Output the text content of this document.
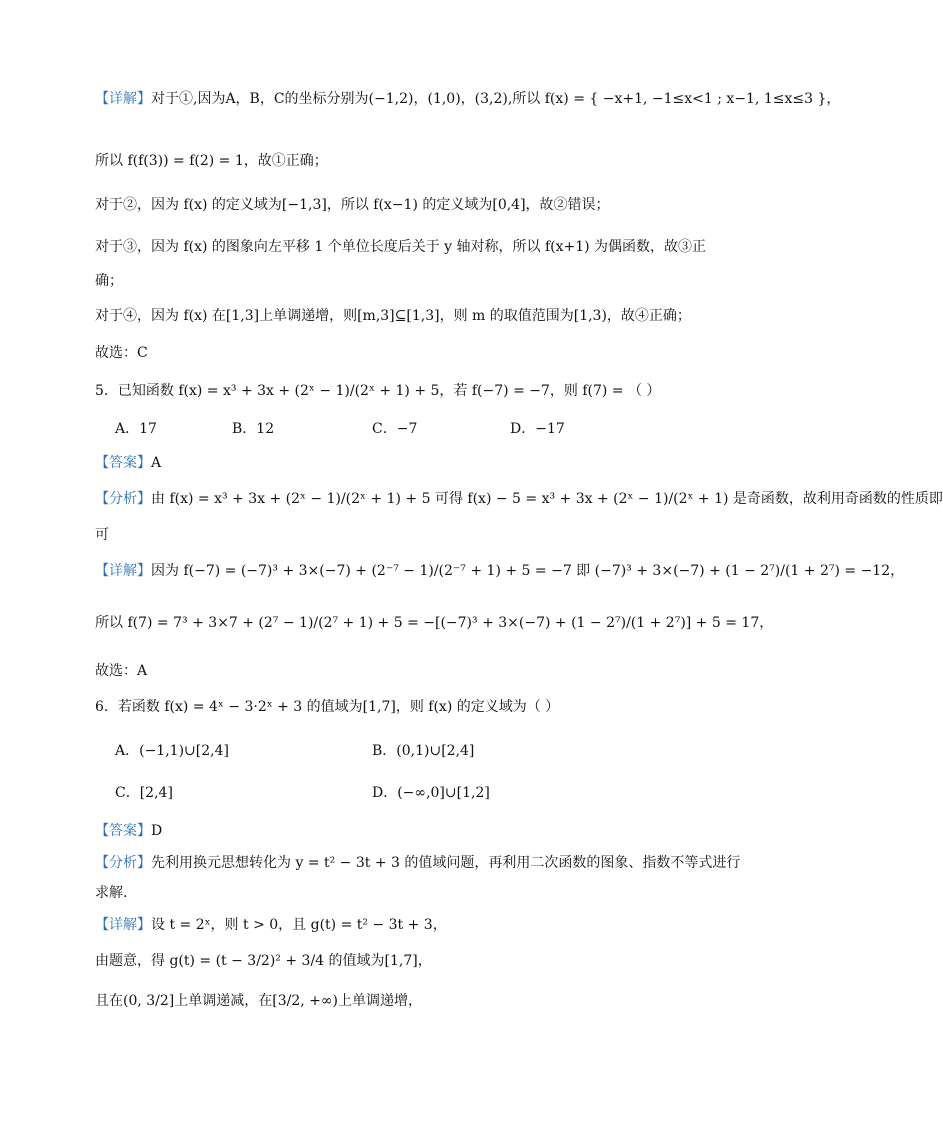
【详解】对于①,因为A，B，C的坐标分别为(−1,2)，(1,0)，(3,2),所以 f(x) = { −x+1, −1≤x<1 ; x−1, 1≤x≤3 }，
所以 f(f(3)) = f(2) = 1，故①正确；
对于②，因为 f(x) 的定义域为[−1,3]，所以 f(x−1) 的定义域为[0,4]，故②错误；
对于③，因为 f(x) 的图象向左平移 1 个单位长度后关于 y 轴对称，所以 f(x+1) 为偶函数，故③正
确；
对于④，因为 f(x) 在[1,3]上单调递增，则[m,3]⊆[1,3]，则 m 的取值范围为[1,3)，故④正确；
故选：C
5．已知函数 f(x) = x³ + 3x + (2ˣ − 1)/(2ˣ + 1) + 5，若 f(−7) = −7，则 f(7) = （ ）
A．17	B．12	C．−7	D．−17
【答案】A
【分析】由 f(x) = x³ + 3x + (2ˣ − 1)/(2ˣ + 1) + 5 可得 f(x) − 5 = x³ + 3x + (2ˣ − 1)/(2ˣ + 1) 是奇函数，故利用奇函数的性质即
可
【详解】因为 f(−7) = (−7)³ + 3×(−7) + (2⁻⁷ − 1)/(2⁻⁷ + 1) + 5 = −7 即 (−7)³ + 3×(−7) + (1 − 2⁷)/(1 + 2⁷) = −12，
所以 f(7) = 7³ + 3×7 + (2⁷ − 1)/(2⁷ + 1) + 5 = −[(−7)³ + 3×(−7) + (1 − 2⁷)/(1 + 2⁷)] + 5 = 17，
故选：A
6．若函数 f(x) = 4ˣ − 3·2ˣ + 3 的值域为[1,7]，则 f(x) 的定义域为（ ）
A．(−1,1)∪[2,4]	B．(0,1)∪[2,4]
C．[2,4]	D．(−∞,0]∪[1,2]
【答案】D
【分析】先利用换元思想转化为 y = t² − 3t + 3 的值域问题，再利用二次函数的图象、指数不等式进行
求解.
【详解】设 t = 2ˣ，则 t > 0，且 g(t) = t² − 3t + 3，
由题意，得 g(t) = (t − 3/2)² + 3/4 的值域为[1,7]，
且在(0, 3/2]上单调递减，在[3/2, +∞)上单调递增，
